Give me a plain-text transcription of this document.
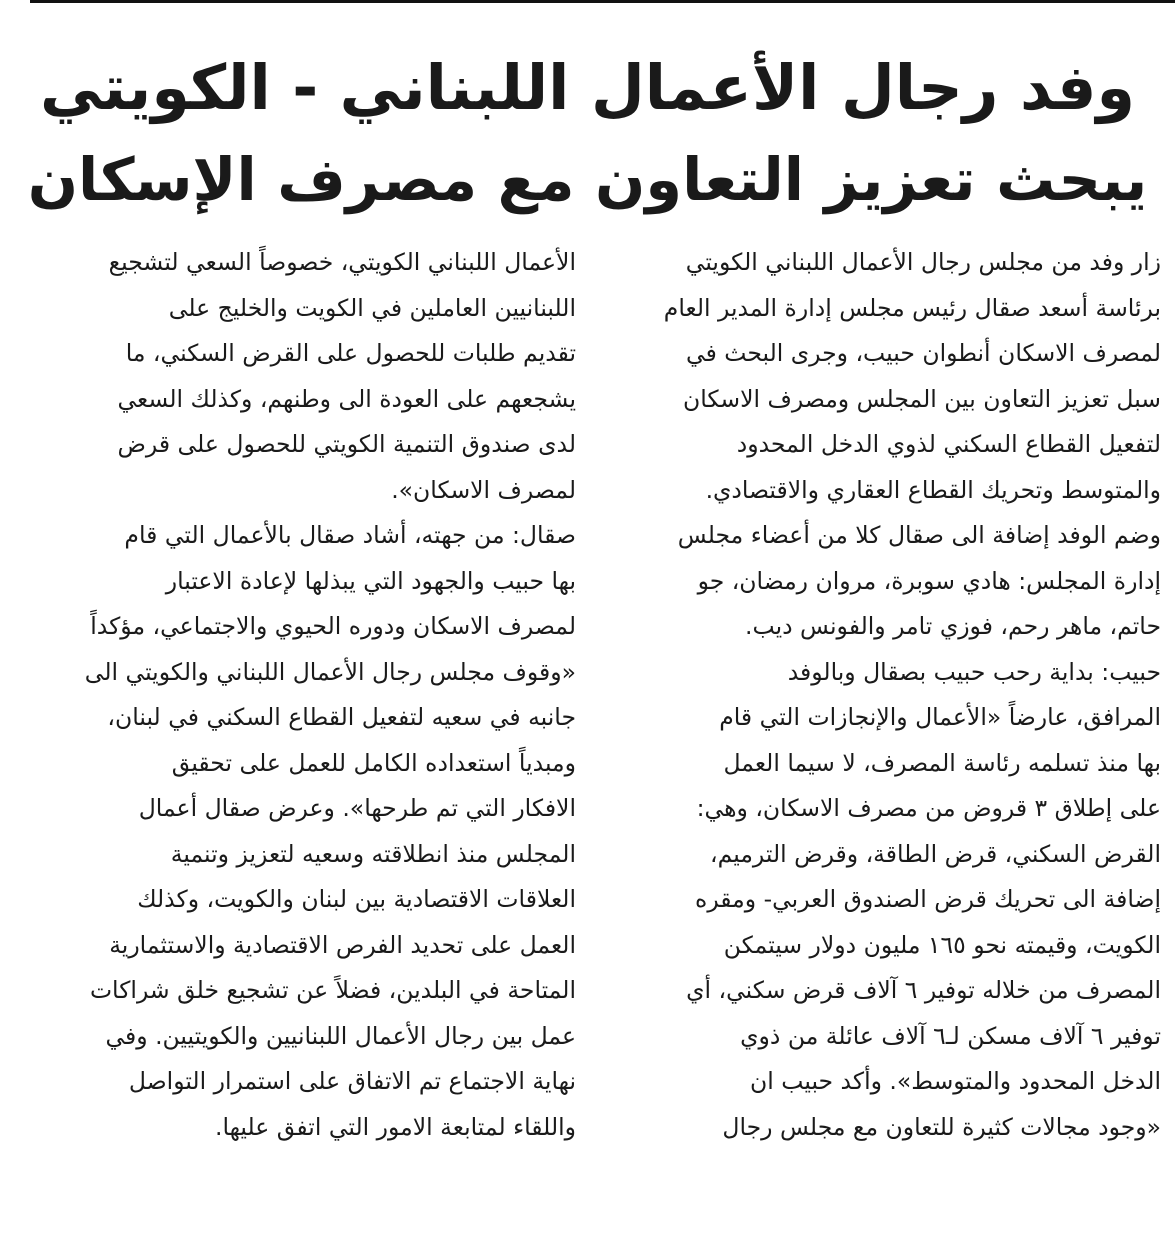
وفد رجال الأعمال اللبناني - الكويتي
يبحث تعزيز التعاون مع مصرف الإسكان
زار وفد من مجلس رجال الأعمال اللبناني الكويتي
برئاسة أسعد صقال رئيس مجلس إدارة المدير العام
لمصرف الاسكان أنطوان حبيب، وجرى البحث في
سبل تعزيز التعاون بين المجلس ومصرف الاسكان
لتفعيل القطاع السكني لذوي الدخل المحدود
والمتوسط وتحريك القطاع العقاري والاقتصادي.
وضم الوفد إضافة الى صقال كلا من أعضاء مجلس
إدارة المجلس: هادي سوبرة، مروان رمضان، جو
حاتم، ماهر رحم، فوزي تامر والفونس ديب.
حبيب: بداية رحب حبيب بصقال وبالوفد
المرافق، عارضاً «الأعمال والإنجازات التي قام
بها منذ تسلمه رئاسة المصرف، لا سيما العمل
على إطلاق ٣ قروض من مصرف الاسكان، وهي:
القرض السكني، قرض الطاقة، وقرض الترميم،
إضافة الى تحريك قرض الصندوق العربي- ومقره
الكويت، وقيمته نحو ١٦٥ مليون دولار سيتمكن
المصرف من خلاله توفير ٦ آلاف قرض سكني، أي
توفير ٦ آلاف مسكن لـ٦ آلاف عائلة من ذوي
الدخل المحدود والمتوسط». وأكد حبيب ان
«وجود مجالات كثيرة للتعاون مع مجلس رجال
الأعمال اللبناني الكويتي، خصوصاً السعي لتشجيع
اللبنانيين العاملين في الكويت والخليج على
تقديم طلبات للحصول على القرض السكني، ما
يشجعهم على العودة الى وطنهم، وكذلك السعي
لدى صندوق التنمية الكويتي للحصول على قرض
لمصرف الاسكان».
صقال: من جهته، أشاد صقال بالأعمال التي قام
بها حبيب والجهود التي يبذلها لإعادة الاعتبار
لمصرف الاسكان ودوره الحيوي والاجتماعي، مؤكداً
«وقوف مجلس رجال الأعمال اللبناني والكويتي الى
جانبه في سعيه لتفعيل القطاع السكني في لبنان،
ومبدياً استعداده الكامل للعمل على تحقيق
الافكار التي تم طرحها». وعرض صقال أعمال
المجلس منذ انطلاقته وسعيه لتعزيز وتنمية
العلاقات الاقتصادية بين لبنان والكويت، وكذلك
العمل على تحديد الفرص الاقتصادية والاستثمارية
المتاحة في البلدين، فضلاً عن تشجيع خلق شراكات
عمل بين رجال الأعمال اللبنانيين والكويتيين. وفي
نهاية الاجتماع تم الاتفاق على استمرار التواصل
واللقاء لمتابعة الامور التي اتفق عليها.
